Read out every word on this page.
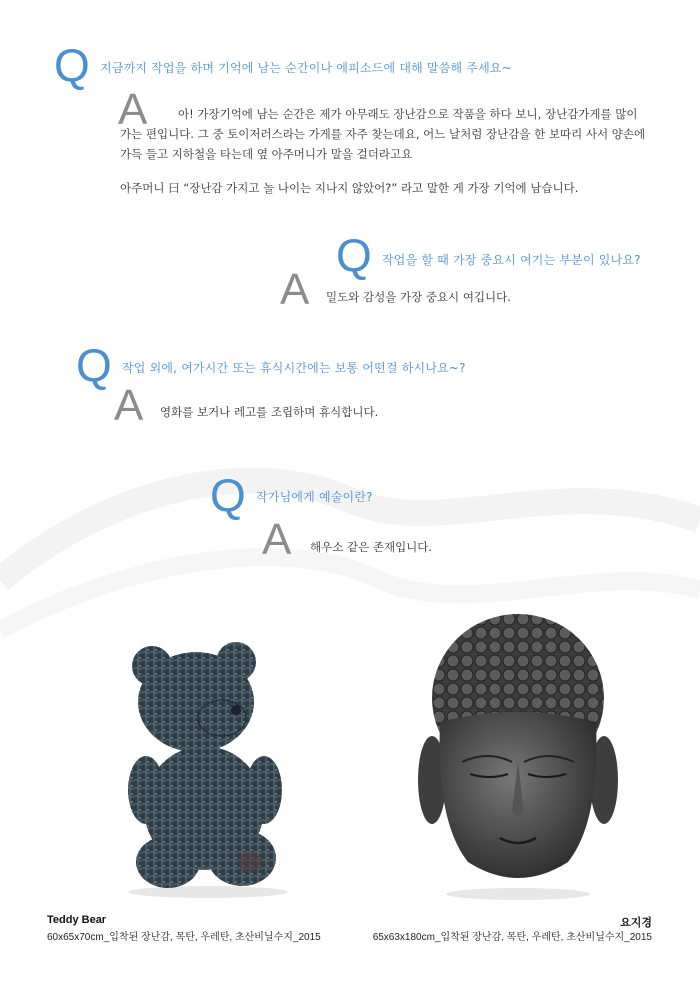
Q 지금까지 작업을 하며 기억에 남는 순간이나 에피소드에 대해 말씀해 주세요~
A	아! 가장기억에 남는 순간은 제가 아무래도 장난감으로 작품을 하다 보니, 장난감가게를 많이
가는 편입니다. 그 중 토이저러스라는 가게를 자주 찾는데요, 어느 날처럼 장난감을 한 보따리 사서 양손에
가득 들고 지하철을 타는데 옆 아주머니가 말을 걸더라고요
아주머니 曰 “장난감 가지고 놀 나이는 지나지 않았어?” 라고 말한 게 가장 기억에 남습니다.
Q 작업을 할 때 가장 중요시 여기는 부분이 있나요?
A 밀도와 감성을 가장 중요시 여깁니다.
Q 작업 외에, 여가시간 또는 휴식시간에는 보통 어떤걸 하시나요~?
A 영화를 보거나 레고를 조립하며 휴식합니다.
Q 작가님에게 예술이란?
A 해우소 같은 존재입니다.
Teddy Bear
60x65x70cm_입착된 장난감, 목탄, 우레탄, 초산비닐수지_2015
요지경
65x63x180cm_입착된 장난감, 목탄, 우레탄, 초산비닐수지_2015
